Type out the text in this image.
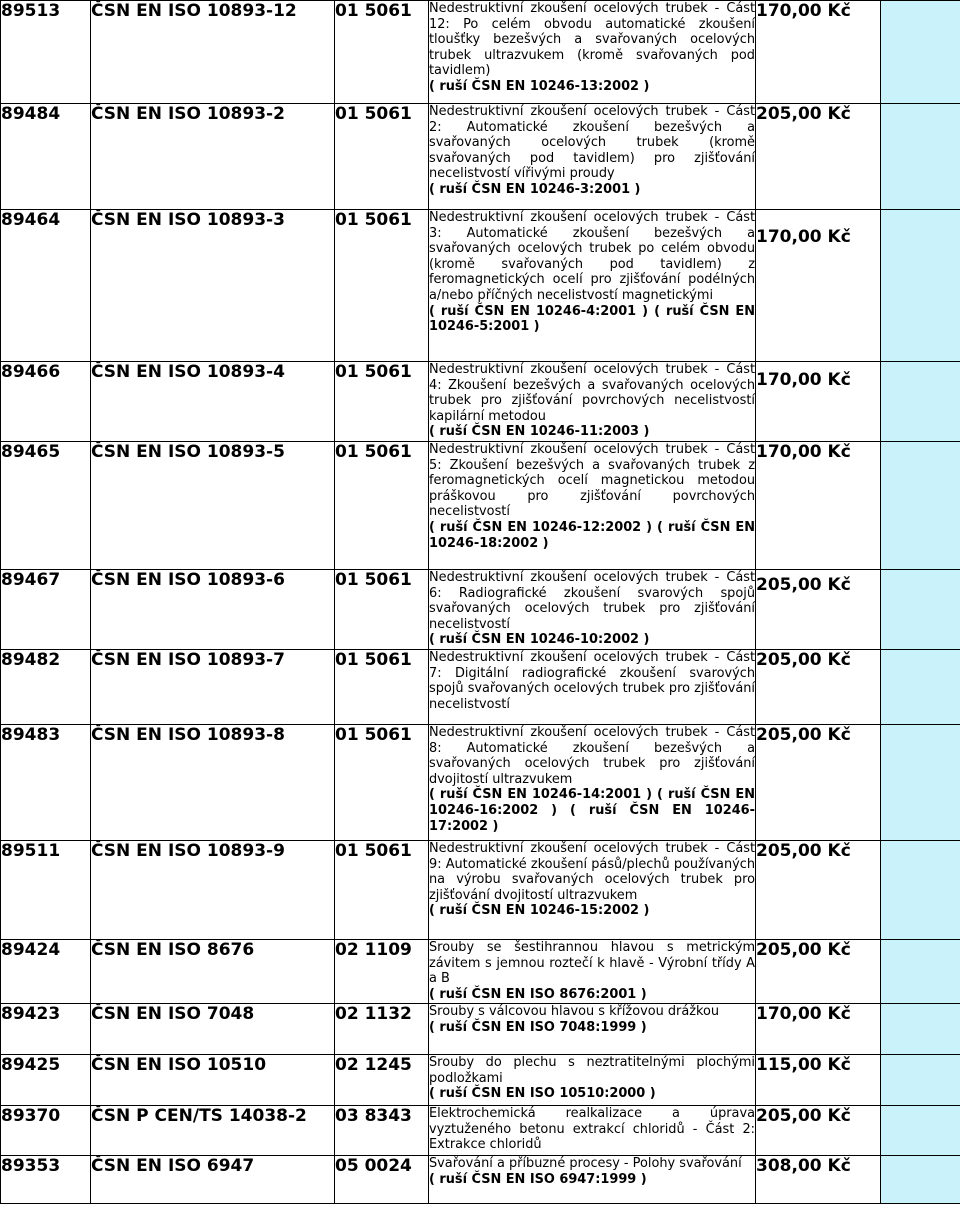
89513	ČSN EN ISO 10893-12	01 5061	Nedestruktivní zkoušení ocelových trubek - Část 12: Po celém obvodu automatické zkoušení tloušťky bezešvých a svařovaných ocelových trubek ultrazvukem (kromě svařovaných pod tavidlem)
( ruší ČSN EN 10246-13:2002 )	170,00 Kč	
89484	ČSN EN ISO 10893-2	01 5061	Nedestruktivní zkoušení ocelových trubek - Část 2: Automatické zkoušení bezešvých a svařovaných ocelových trubek (kromě svařovaných pod tavidlem) pro zjišťování necelistvostí vířivými proudy
( ruší ČSN EN 10246-3:2001 )	205,00 Kč	
89464	ČSN EN ISO 10893-3	01 5061	Nedestruktivní zkoušení ocelových trubek - Část 3: Automatické zkoušení bezešvých a svařovaných ocelových trubek po celém obvodu (kromě svařovaných pod tavidlem) z feromagnetických ocelí pro zjišťování podélných a/nebo příčných necelistvostí magnetickými
( ruší ČSN EN 10246-4:2001 ) ( ruší ČSN EN 10246-5:2001 )	170,00 Kč	
89466	ČSN EN ISO 10893-4	01 5061	Nedestruktivní zkoušení ocelových trubek - Část 4: Zkoušení bezešvých a svařovaných ocelových trubek pro zjišťování povrchových necelistvostí kapilární metodou
( ruší ČSN EN 10246-11:2003 )	170,00 Kč	
89465	ČSN EN ISO 10893-5	01 5061	Nedestruktivní zkoušení ocelových trubek - Část 5: Zkoušení bezešvých a svařovaných trubek z feromagnetických ocelí magnetickou metodou práškovou pro zjišťování povrchových necelistvostí
( ruší ČSN EN 10246-12:2002 ) ( ruší ČSN EN 10246-18:2002 )	170,00 Kč	
89467	ČSN EN ISO 10893-6	01 5061	Nedestruktivní zkoušení ocelových trubek - Část 6: Radiografické zkoušení svarových spojů svařovaných ocelových trubek pro zjišťování necelistvostí
( ruší ČSN EN 10246-10:2002 )	205,00 Kč	
89482	ČSN EN ISO 10893-7	01 5061	Nedestruktivní zkoušení ocelových trubek - Část 7: Digitální radiografické zkoušení svarových spojů svařovaných ocelových trubek pro zjišťování necelistvostí	205,00 Kč	
89483	ČSN EN ISO 10893-8	01 5061	Nedestruktivní zkoušení ocelových trubek - Část 8: Automatické zkoušení bezešvých a svařovaných ocelových trubek pro zjišťování dvojitostí ultrazvukem
( ruší ČSN EN 10246-14:2001 ) ( ruší ČSN EN 10246-16:2002 ) ( ruší ČSN EN 10246-17:2002 )	205,00 Kč	
89511	ČSN EN ISO 10893-9	01 5061	Nedestruktivní zkoušení ocelových trubek - Část 9: Automatické zkoušení pásů/plechů používaných na výrobu svařovaných ocelových trubek pro zjišťování dvojitostí ultrazvukem
( ruší ČSN EN 10246-15:2002 )	205,00 Kč	
89424	ČSN EN ISO 8676	02 1109	Šrouby se šestihrannou hlavou s metrickým závitem s jemnou roztečí k hlavě - Výrobní třídy A a B
( ruší ČSN EN ISO 8676:2001 )	205,00 Kč	
89423	ČSN EN ISO 7048	02 1132	Šrouby s válcovou hlavou s křížovou drážkou
( ruší ČSN EN ISO 7048:1999 )	170,00 Kč	
89425	ČSN EN ISO 10510	02 1245	Šrouby do plechu s neztratitelnými plochými podložkami
( ruší ČSN EN ISO 10510:2000 )	115,00 Kč	
89370	ČSN P CEN/TS 14038-2	03 8343	Elektrochemická realkalizace a úprava vyztuženého betonu extrakcí chloridů - Část 2: Extrakce chloridů	205,00 Kč	
89353	ČSN EN ISO 6947	05 0024	Svařování a příbuzné procesy - Polohy svařování
( ruší ČSN EN ISO 6947:1999 )	308,00 Kč	
